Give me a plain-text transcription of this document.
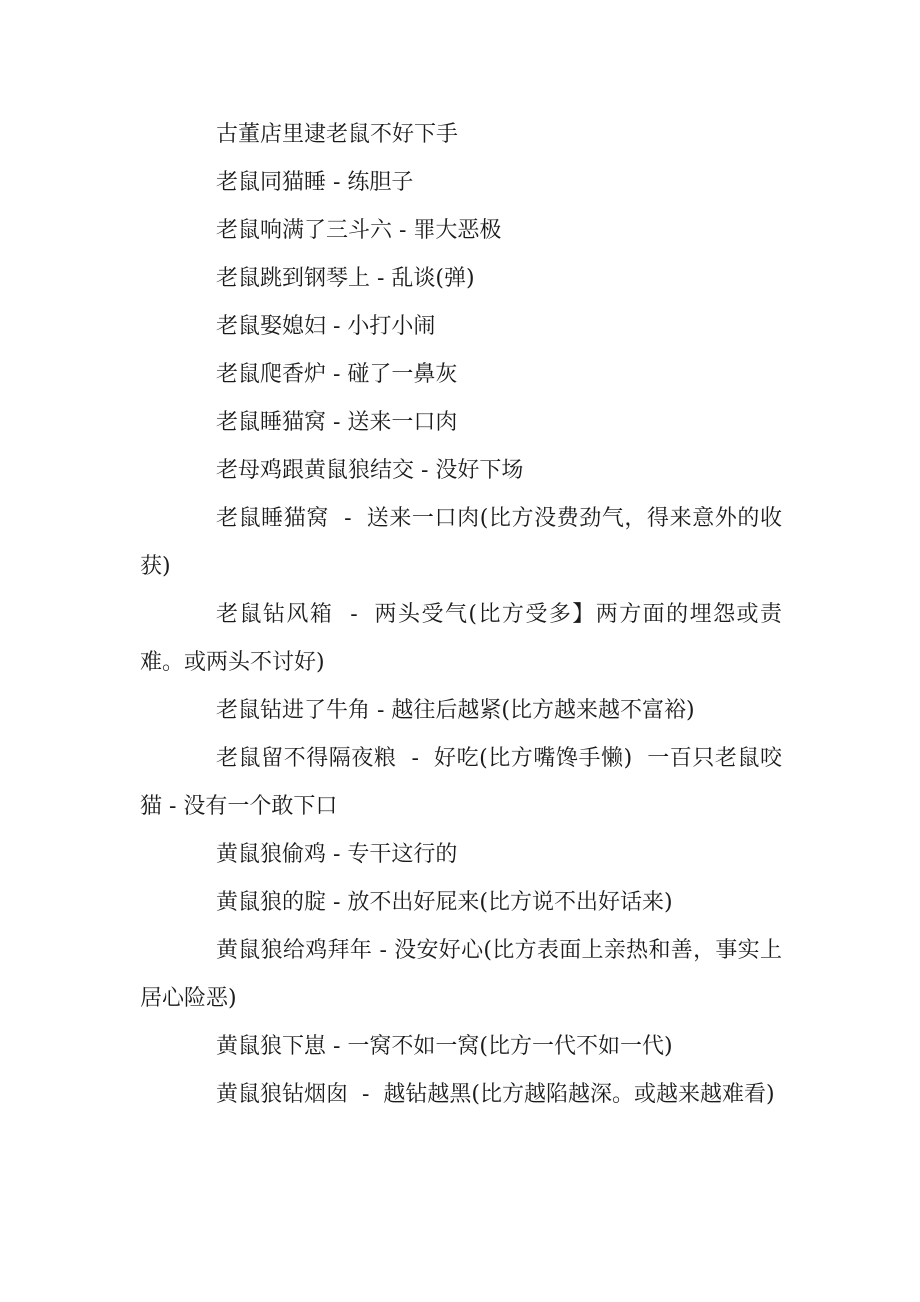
古董店里逮老鼠不好下手

老鼠同猫睡 - 练胆子

老鼠响满了三斗六 - 罪大恶极

老鼠跳到钢琴上 - 乱谈(弹)

老鼠娶媳妇 - 小打小闹

老鼠爬香炉 - 碰了一鼻灰

老鼠睡猫窝 - 送来一口肉

老母鸡跟黄鼠狼结交 - 没好下场

老鼠睡猫窝  -  送来一口肉(比方没费劲气，得来意外的收获)

老鼠钻风箱  -  两头受气(比方受多】两方面的埋怨或责难。或两头不讨好)

老鼠钻进了牛角 - 越往后越紧(比方越来越不富裕)

老鼠留不得隔夜粮  -  好吃(比方嘴馋手懒)  一百只老鼠咬猫 - 没有一个敢下口

黄鼠狼偷鸡 - 专干这行的

黄鼠狼的腚 - 放不出好屁来(比方说不出好话来)

黄鼠狼给鸡拜年 - 没安好心(比方表面上亲热和善，事实上居心险恶)

黄鼠狼下崽 - 一窝不如一窝(比方一代不如一代)

黄鼠狼钻烟囱  -  越钻越黑(比方越陷越深。或越来越难看)
